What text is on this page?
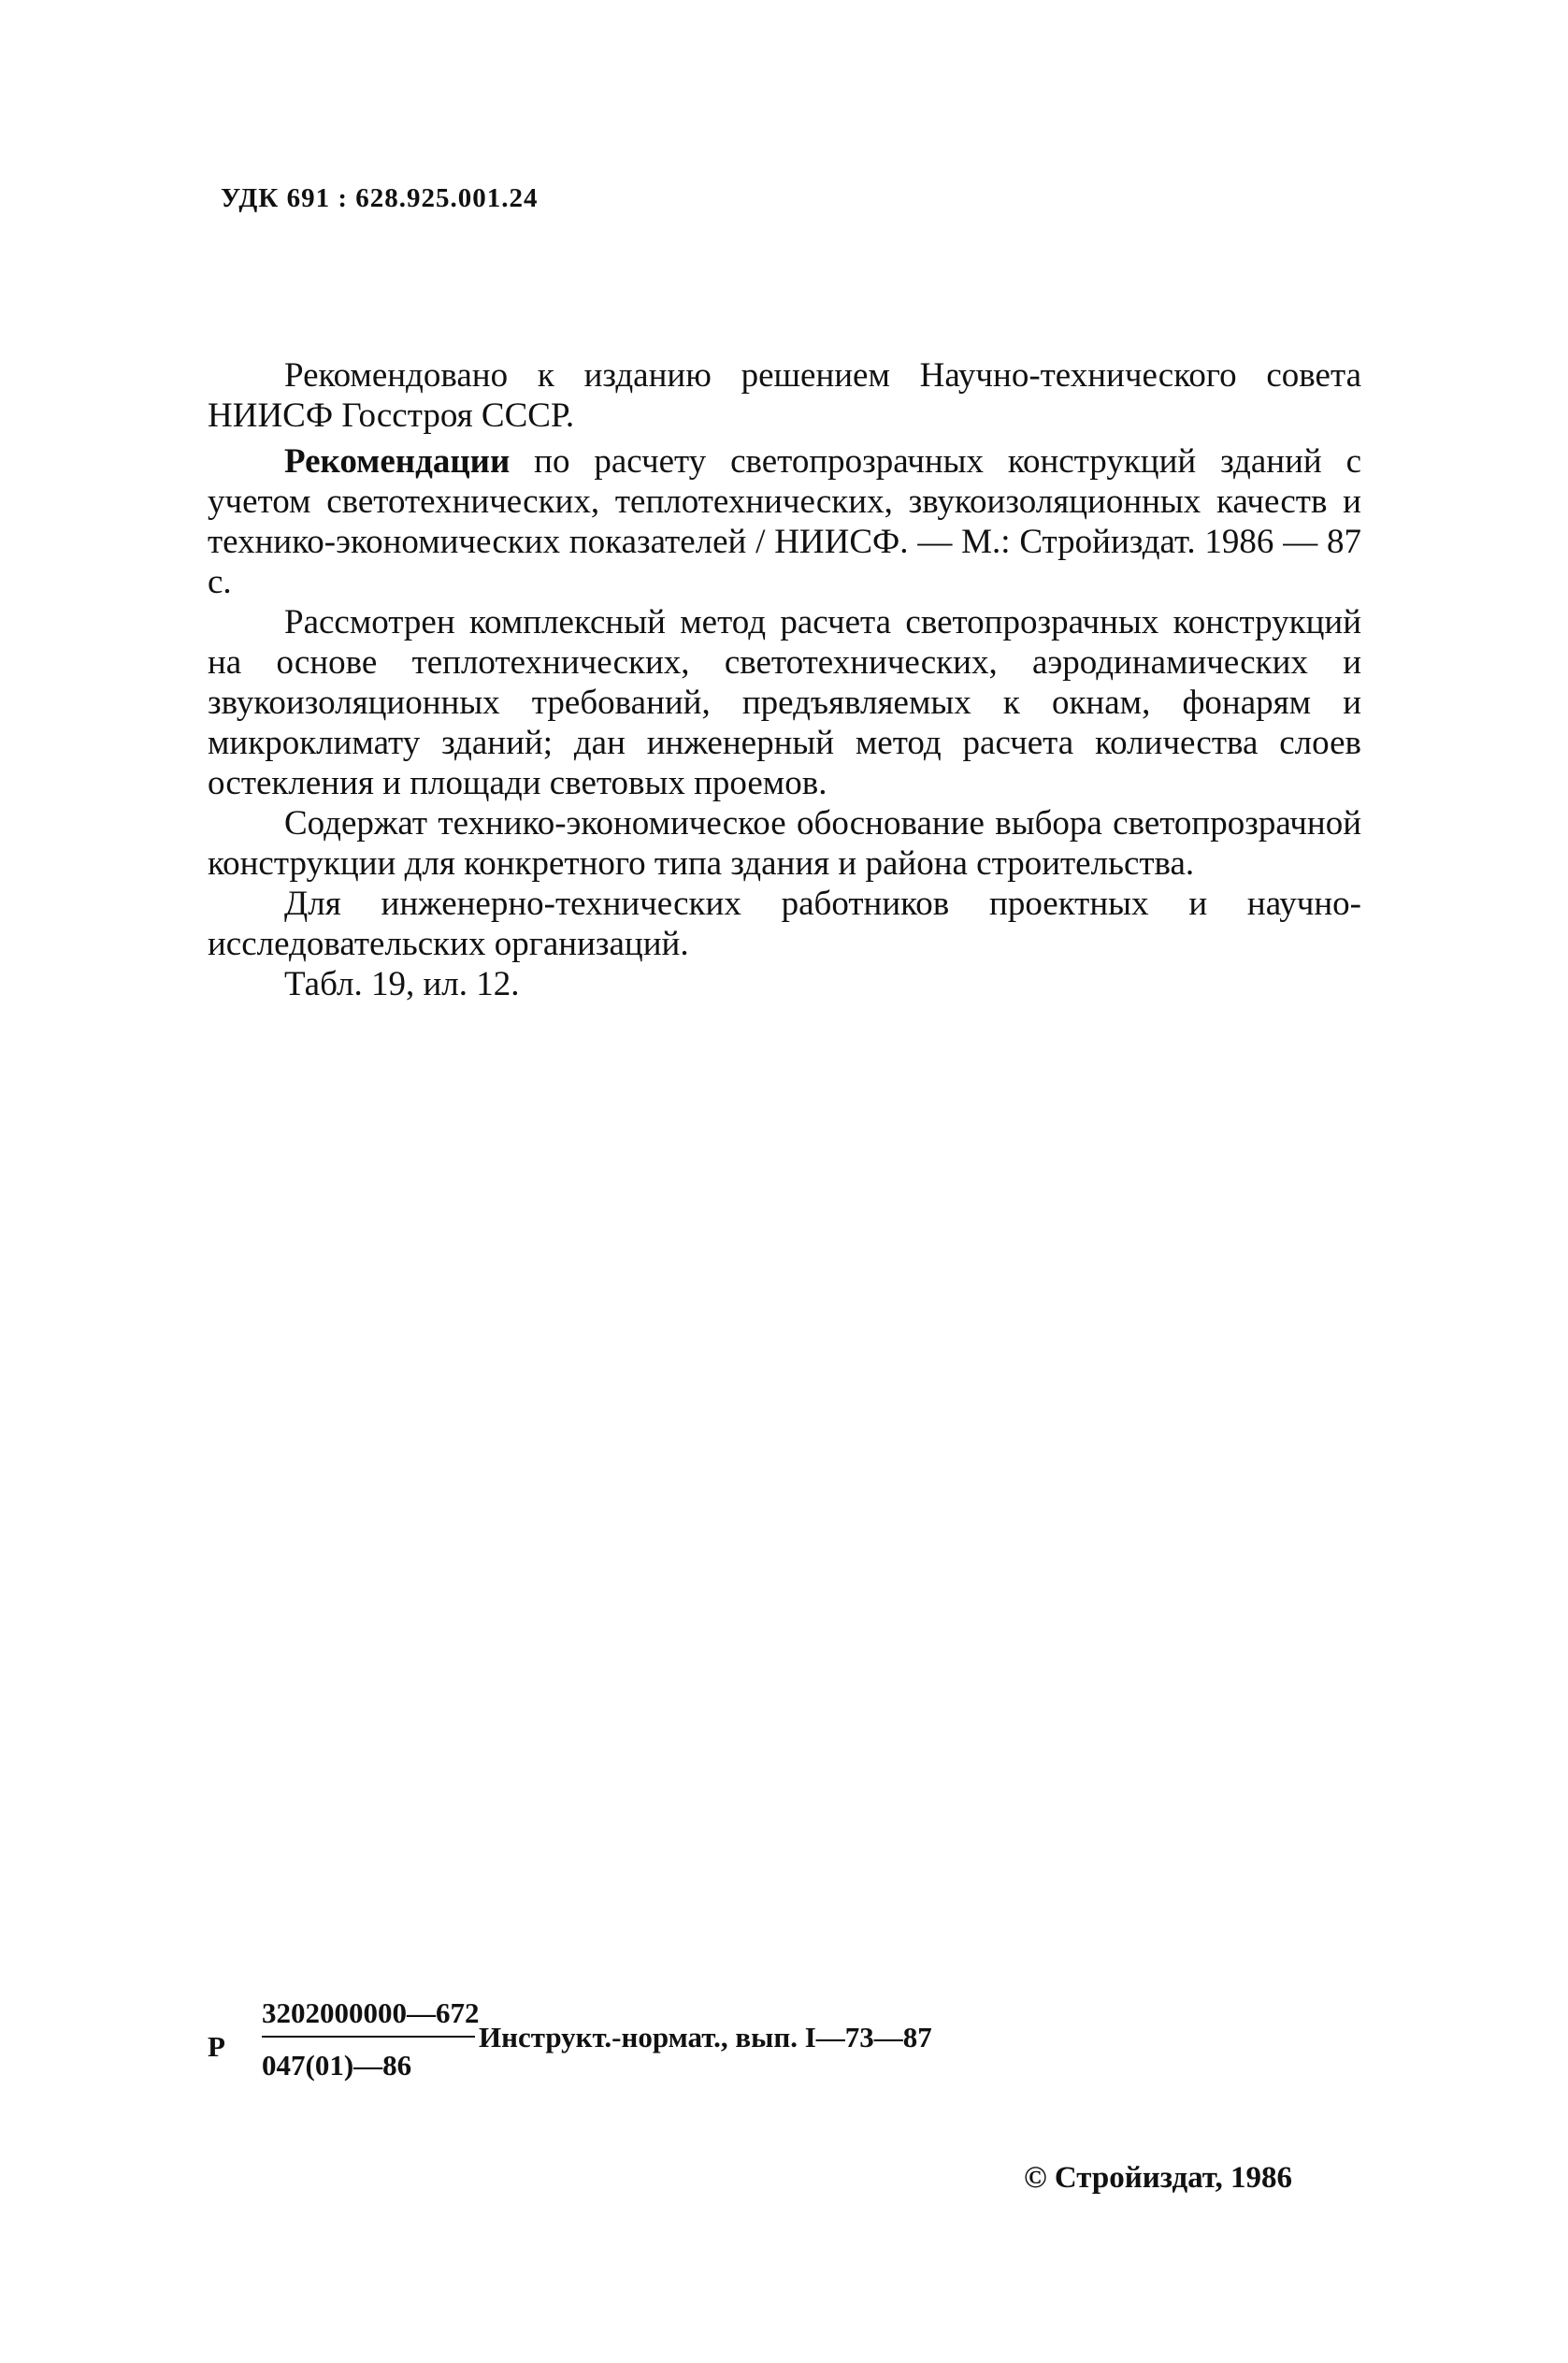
УДК 691 : 628.925.001.24

Рекомендовано к изданию решением Научно-технического совета НИИСФ Госстроя СССР.

Рекомендации по расчету светопрозрачных конструкций зданий с учетом светотехнических, теплотехнических, звукоизоляционных качеств и технико-экономических показателей / НИИСФ. — М.: Стройиздат. 1986 — 87 с.

Рассмотрен комплексный метод расчета светопрозрачных конструкций на основе теплотехнических, светотехнических, аэродинамических и звукоизоляционных требований, предъявляемых к окнам, фонарям и микроклимату зданий; дан инженерный метод расчета количества слоев остекления и площади световых проемов.

Содержат технико-экономическое обоснование выбора светопрозрачной конструкции для конкретного типа здания и района строительства.

Для инженерно-технических работников проектных и научно-исследовательских организаций.

Табл. 19, ил. 12.

Р
3202000000—672
047(01)—86
Инструкт.-нормат., вып. I—73—87
© Стройиздат, 1986
